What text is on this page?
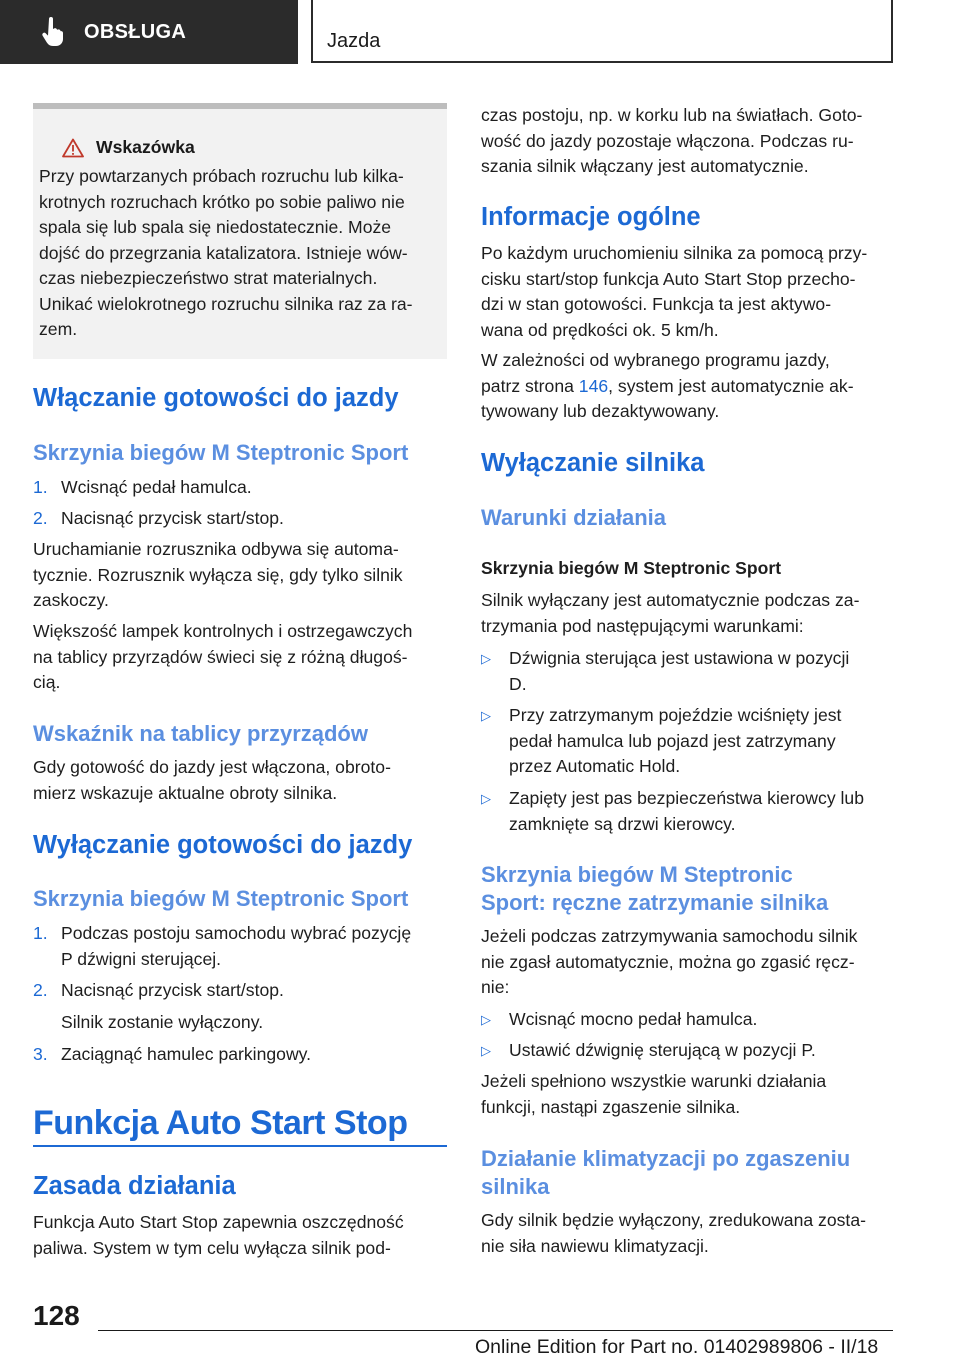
OBSŁUGA	Jazda
Wskazówka

Przy powtarzanych próbach rozruchu lub kilka‐

krotnych rozruchach krótko po sobie paliwo nie

spala się lub spala się niedostatecznie. Może

dojść do przegrzania katalizatora. Istnieje wów‐

czas niebezpieczeństwo strat materialnych.

Unikać wielokrotnego rozruchu silnika raz za ra‐

zem.

Włączanie gotowości do jazdy
Skrzynia biegów M Steptronic Sport
1. Wcisnąć pedał hamulca.

2. Nacisnąć przycisk start/stop.

Uruchamianie rozrusznika odbywa się automa‐

tycznie. Rozrusznik wyłącza się, gdy tylko silnik

zaskoczy.

Większość lampek kontrolnych i ostrzegawczych

na tablicy przyrządów świeci się z różną długoś‐

cią.

Wskaźnik na tablicy przyrządów

Gdy gotowość do jazdy jest włączona, obroto‐

mierz wskazuje aktualne obroty silnika.

Wyłączanie gotowości do jazdy
Skrzynia biegów M Steptronic Sport
1. Podczas postoju samochodu wybrać pozycję

P dźwigni sterującej.

2. Nacisnąć przycisk start/stop.

Silnik zostanie wyłączony.

3. Zaciągnąć hamulec parkingowy.

Funkcja Auto Start Stop
Zasada działania

Funkcja Auto Start Stop zapewnia oszczędność

paliwa. System w tym celu wyłącza silnik pod‐

czas postoju, np. w korku lub na światłach. Goto‐

wość do jazdy pozostaje włączona. Podczas ru‐

szania silnik włączany jest automatycznie.

Informacje ogólne

Po każdym uruchomieniu silnika za pomocą przy‐

cisku start/stop funkcja Auto Start Stop przecho‐

dzi w stan gotowości. Funkcja ta jest aktywo‐

wana od prędkości ok. 5 km/h.

W zależności od wybranego programu jazdy,

patrz strona 146, system jest automatycznie ak‐

tywowany lub dezaktywowany.

Wyłączanie silnika
Warunki działania
Skrzynia biegów M Steptronic Sport

Silnik wyłączany jest automatycznie podczas za‐

trzymania pod następującymi warunkami:

▷ Dźwignia sterująca jest ustawiona w pozycji

D.

▷ Przy zatrzymanym pojeździe wciśnięty jest

pedał hamulca lub pojazd jest zatrzymany

przez Automatic Hold.

▷ Zapięty jest pas bezpieczeństwa kierowcy lub

zamknięte są drzwi kierowcy.

Skrzynia biegów M Steptronic
Sport: ręczne zatrzymanie silnika

Jeżeli podczas zatrzymywania samochodu silnik

nie zgasł automatycznie, można go zgasić ręcz‐

nie:

▷ Wcisnąć mocno pedał hamulca.

▷ Ustawić dźwignię sterującą w pozycji P.

Jeżeli spełniono wszystkie warunki działania

funkcji, nastąpi zgaszenie silnika.

Działanie klimatyzacji po zgaszeniu
silnika

Gdy silnik będzie wyłączony, zredukowana zosta‐

nie siła nawiewu klimatyzacji.

128
Online Edition for Part no. 01402989806 - II/18
